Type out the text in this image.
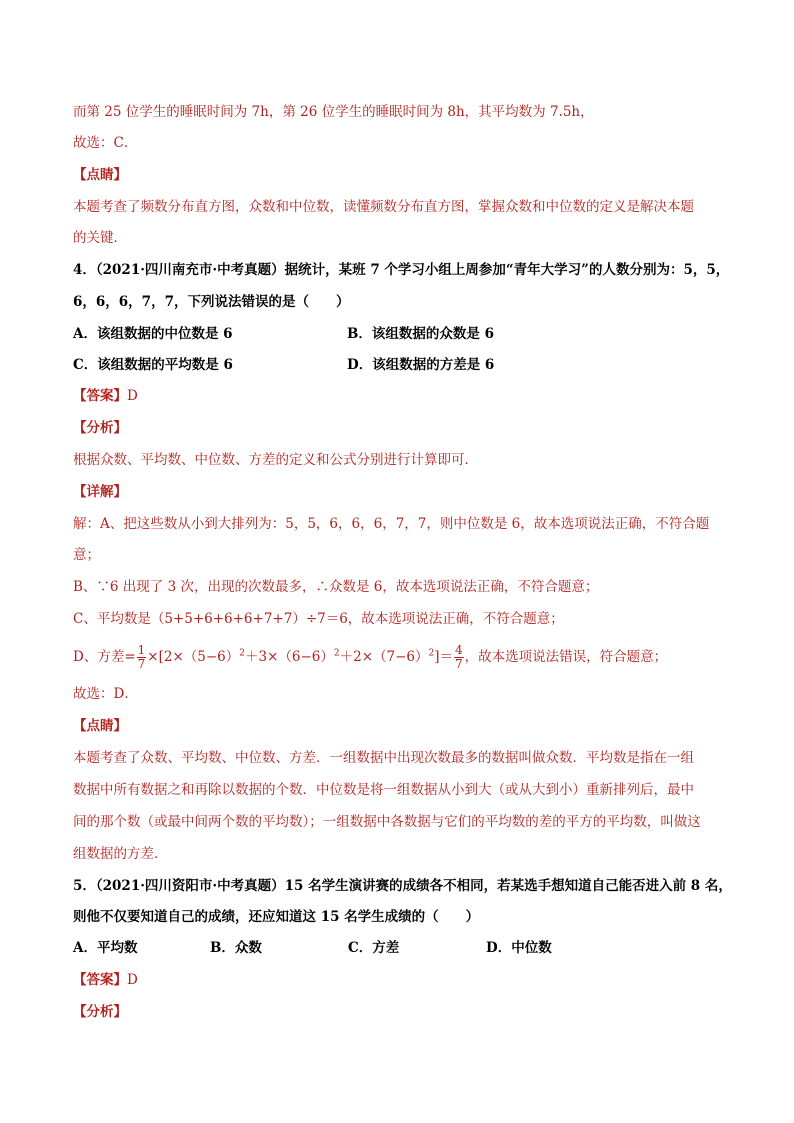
而第 25 位学生的睡眠时间为 7h，第 26 位学生的睡眠时间为 8h，其平均数为 7.5h，
故选：C．
【点睛】
本题考查了频数分布直方图，众数和中位数，读懂频数分布直方图，掌握众数和中位数的定义是解决本题
的关键．
4．（2021·四川南充市·中考真题）据统计，某班 7 个学习小组上周参加“青年大学习”的人数分别为：5，5，
6，6，6，7，7，下列说法错误的是（　　）
A．该组数据的中位数是 6	B．该组数据的众数是 6
C．该组数据的平均数是 6	D．该组数据的方差是 6
【答案】D
【分析】
根据众数、平均数、中位数、方差的定义和公式分别进行计算即可．
【详解】
解：A、把这些数从小到大排列为：5，5，6，6，6，7，7，则中位数是 6，故本选项说法正确，不符合题
意；
B、∵6 出现了 3 次，出现的次数最多，∴众数是 6，故本选项说法正确，不符合题意；
C、平均数是（5+5+6+6+6+7+7）÷7＝6，故本选项说法正确，不符合题意；
D、方差= $\frac{1}{7} \times[2\times(5-6)^2+3\times(6-6)^2+2\times(7-6)^2]= \frac{4}{7}$ ，故本选项说法错误，符合题意；
故选：D．
【点睛】
本题考查了众数、平均数、中位数、方差．一组数据中出现次数最多的数据叫做众数．平均数是指在一组
数据中所有数据之和再除以数据的个数．中位数是将一组数据从小到大（或从大到小）重新排列后，最中
间的那个数（或最中间两个数的平均数）；一组数据中各数据与它们的平均数的差的平方的平均数，叫做这
组数据的方差．
5．（2021·四川资阳市·中考真题）15 名学生演讲赛的成绩各不相同，若某选手想知道自己能否进入前 8 名，
则他不仅要知道自己的成绩，还应知道这 15 名学生成绩的（　　）
A．平均数	B．众数	C．方差	D．中位数
【答案】D
【分析】
